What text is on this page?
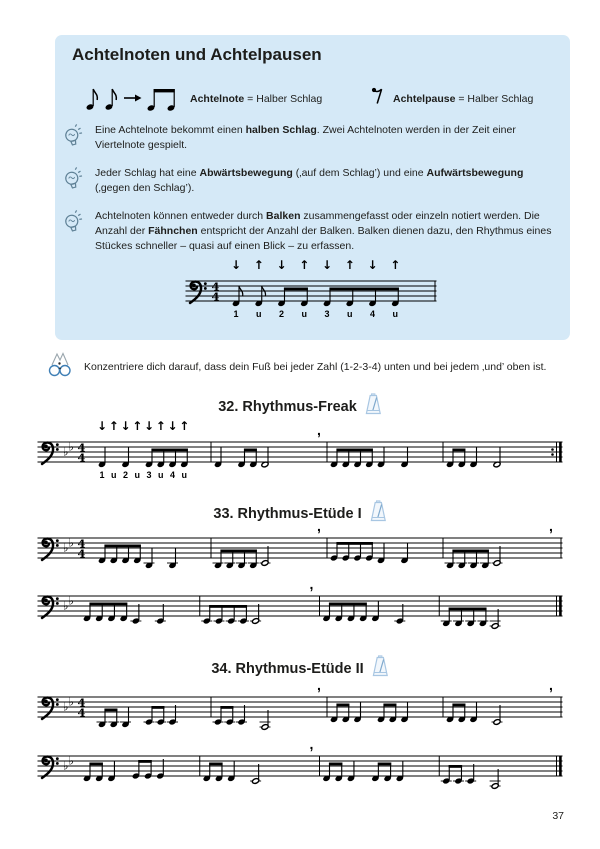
Achtelnoten und Achtelpausen
Achtelnote = Halber Schlag	Achtelpause = Halber Schlag
Eine Achtelnote bekommt einen halben Schlag. Zwei Achtelnoten werden in der Zeit einer Viertelnote gespielt.
Jeder Schlag hat eine Abwärtsbewegung (‚auf dem Schlag’) und eine Aufwärtsbewegung (‚gegen den Schlag’).
Achtelnoten können entweder durch Balken zusammengefasst oder einzeln notiert werden. Die Anzahl der Fähnchen entspricht der Anzahl der Balken. Balken dienen dazu, den Rhythmus eines Stückes schneller – quasi auf einen Blick – zu erfassen.
4
4
↓
1
↑
u
↓
2
↑
u
↓
3
↑
u
↓
4
↑
u
Konzentriere dich darauf, dass dein Fuß bei jeder Zahl (1-2-3-4) unten und bei jedem ‚und’ oben ist.
32. Rhythmus-Freak
♭ ♭ 4
4
,
↓
1
↑
u
↓
2
↑
u
↓
3
↑
u
↓
4
↑
u
33. Rhythmus-Etüde I
♭ ♭ 4
4
,	,
♭ ♭
,
34. Rhythmus-Etüde II
♭ ♭ 4
4
,	,
♭ ♭
,
37
